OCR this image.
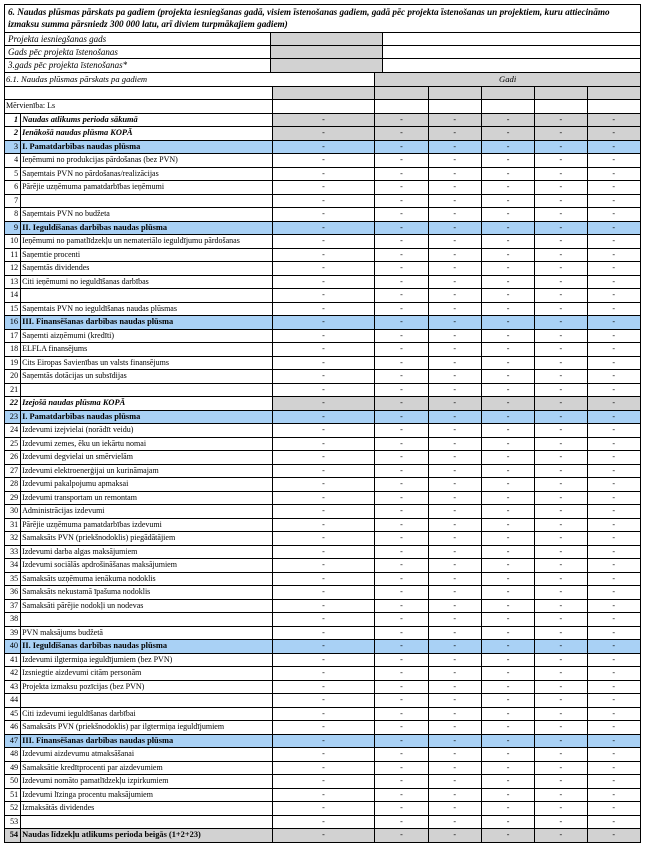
6. Naudas plūsmas pārskats pa gadiem (projekta iesniegšanas gadā, visiem īstenošanas gadiem, gadā pēc projekta īstenošanas un projektiem, kuru attiecināmo izmaksu summa pārsniedz 300 000 latu, arī diviem turpmākajiem gadiem)
Projekta iesniegšanas gads
Gads pēc projekta īstenošanas
3.gads pēc projekta īstenošanas*
6.1. Naudas plūsmas pārskats pa gadiem			Gadi				

Mērvienība: Ls							
1	Naudas atlikums perioda sākumā	-	-	-	-	-	-
2	Ienākošā naudas plūsma KOPĀ	-	-	-	-	-	-
3	I. Pamatdarbības naudas plūsma	-	-	-	-	-	-
4	Ieņēmumi no produkcijas pārdošanas (bez PVN)	-	-	-	-	-	-
5	Saņemtais PVN no pārdošanas/realizācijas	-	-	-	-	-	-
6	Pārējie uzņēmuma pamatdarbības ieņēmumi	-	-	-	-	-	-
7		-	-	-	-	-	-
8	Saņemtais PVN no budžeta	-	-	-	-	-	-
9	II. Ieguldīšanas darbības naudas plūsma	-	-	-	-	-	-
10	Ieņēmumi no pamatlīdzekļu un nemateriālo ieguldījumu pārdošanas	-	-	-	-	-	-
11	Saņemtie procenti	-	-	-	-	-	-
12	Saņemtās dividendes	-	-	-	-	-	-
13	Citi ieņēmumi no ieguldīšanas darbības	-	-	-	-	-	-
14		-	-	-	-	-	-
15	Saņemtais PVN no ieguldīšanas naudas plūsmas	-	-	-	-	-	-
16	III. Finansēšanas darbības naudas plūsma	-	-	-	-	-	-
17	Saņemti aizņēmumi (kredīti)	-	-	-	-	-	-
18	ELFLA finansējums	-	-	-	-	-	-
19	Cits Eiropas Savienības un valsts finansējums	-	-	-	-	-	-
20	Saņemtās dotācijas un subsīdijas	-	-	-	-	-	-
21		-	-	-	-	-	-
22	Izejošā naudas plūsma KOPĀ	-	-	-	-	-	-
23	I. Pamatdarbības naudas plūsma	-	-	-	-	-	-
24	Izdevumi izejvielai (norādīt veidu)	-	-	-	-	-	-
25	Izdevumi zemes, ēku un iekārtu nomai	-	-	-	-	-	-
26	Izdevumi degvielai un smērvielām	-	-	-	-	-	-
27	Izdevumi elektroenerģijai un kurināmajam	-	-	-	-	-	-
28	Izdevumi pakalpojumu apmaksai	-	-	-	-	-	-
29	Izdevumi transportam un remontam	-	-	-	-	-	-
30	Administrācijas izdevumi	-	-	-	-	-	-
31	Pārējie uzņēmuma pamatdarbības izdevumi	-	-	-	-	-	-
32	Samaksāts PVN (priekšnodoklis) piegādātājiem	-	-	-	-	-	-
33	Izdevumi darba algas maksājumiem	-	-	-	-	-	-
34	Izdevumi sociālās apdrošināšanas maksājumiem	-	-	-	-	-	-
35	Samaksāts uzņēmuma ienākuma nodoklis	-	-	-	-	-	-
36	Samaksāts nekustamā īpašuma nodoklis	-	-	-	-	-	-
37	Samaksāti pārējie nodokļi un nodevas	-	-	-	-	-	-
38		-	-	-	-	-	-
39	PVN maksājums budžetā	-	-	-	-	-	-
40	II. Ieguldīšanas darbības naudas plūsma	-	-	-	-	-	-
41	Izdevumi ilgtermiņa ieguldījumiem (bez PVN)	-	-	-	-	-	-
42	Izsniegtie aizdevumi citām personām	-	-	-	-	-	-
43	Projekta izmaksu pozīcijas (bez PVN)	-	-	-	-	-	-
44		-	-	-	-	-	-
45	Citi izdevumi ieguldīšanas darbībai	-	-	-	-	-	-
46	Samaksāts PVN (priekšnodoklis) par ilgtermiņa ieguldījumiem	-	-	-	-	-	-
47	III. Finansēšanas darbības naudas plūsma	-	-	-	-	-	-
48	Izdevumi aizdevumu atmaksāšanai	-	-	-	-	-	-
49	Samaksātie kredītprocenti par aizdevumiem	-	-	-	-	-	-
50	Izdevumi nomāto pamatlīdzekļu izpirkumiem	-	-	-	-	-	-
51	Izdevumi līzinga procentu maksājumiem	-	-	-	-	-	-
52	Izmaksātās dividendes	-	-	-	-	-	-
53		-	-	-	-	-	-
54	Naudas līdzekļu atlikums perioda beigās (1+2+23)	-	-	-	-	-	-
